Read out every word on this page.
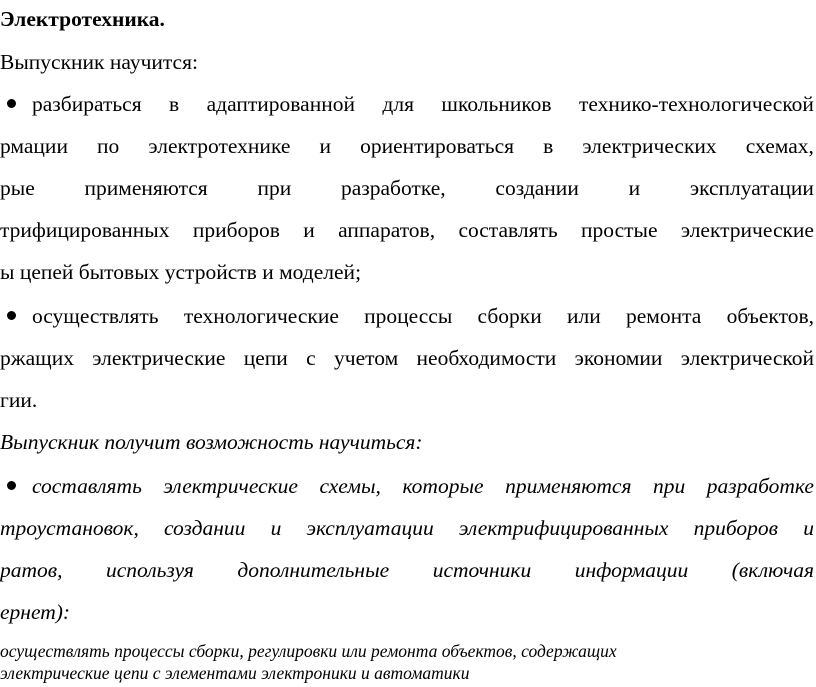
Электротехника.
Выпускник научится:
разбираться в адаптированной для школьников технико-технологической
рмации по электротехнике и ориентироваться в электрических схемах,
рые применяются при разработке, создании и эксплуатации
трифицированных приборов и аппаратов, составлять простые электрические
ы цепей бытовых устройств и моделей;
осуществлять технологические процессы сборки или ремонта объектов,
ржащих электрические цепи с учетом необходимости экономии электрической
гии.
Выпускник получит возможность научиться:
составлять электрические схемы, которые применяются при разработке
троустановок, создании и эксплуатации электрифицированных приборов и
ратов, используя дополнительные источники информации (включая
ернет):
осуществлять процессы сборки, регулировки или ремонта объектов, содержащих
электрические цепи с элементами электроники и автоматики
